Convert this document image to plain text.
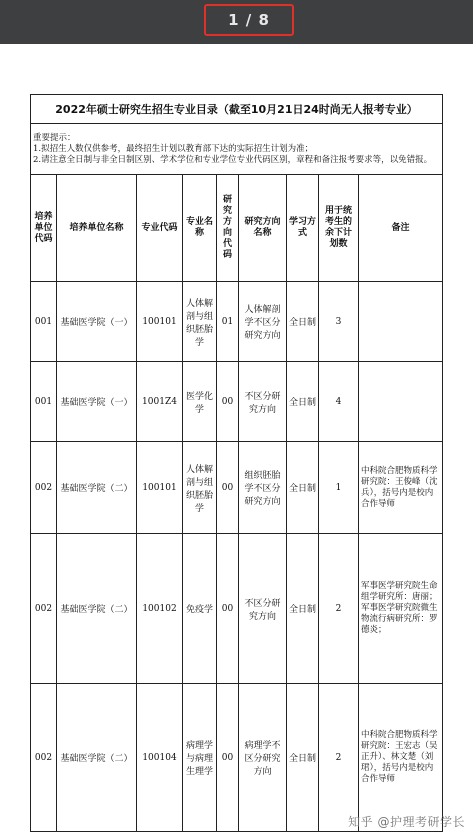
1 / 8
2022年硕士研究生招生专业目录（截至10月21日24时尚无人报考专业）								

重要提示：
1.拟招生人数仅供参考，最终招生计划以教育部下达的实际招生计划为准；
2.请注意全日制与非全日制区别、学术学位和专业学位专业代码区别，章程和备注报考要求等，以免错报。								

培养单位代码	培养单位名称	专业代码	专业名称	研究方向代码	研究方向名称	学习方式	用于统考生的余下计划数	备注
001	基础医学院（一）	100101	人体解剖与组织胚胎学	01	人体解剖学不区分研究方向	全日制	3	
001	基础医学院（一）	1001Z4	医学化学	00	不区分研究方向	全日制	4	
002	基础医学院（二）	100101	人体解剖与组织胚胎学	00	组织胚胎学不区分研究方向	全日制	1	中科院合肥物质科学研究院：王俊峰（沈兵），括号内是校内合作导师
002	基础医学院（二）	100102	免疫学	00	不区分研究方向	全日制	2	军事医学研究院生命组学研究所：唐丽；军事医学研究院微生物流行病研究所：罗德炎；
002	基础医学院（二）	100104	病理学与病理生理学	00	病理学不区分研究方向	全日制	2	中科院合肥物质科学研究院：王宏志（吴正升）、林文楚（刘珺），括号内是校内合作导师
知乎 @护理考研学长
